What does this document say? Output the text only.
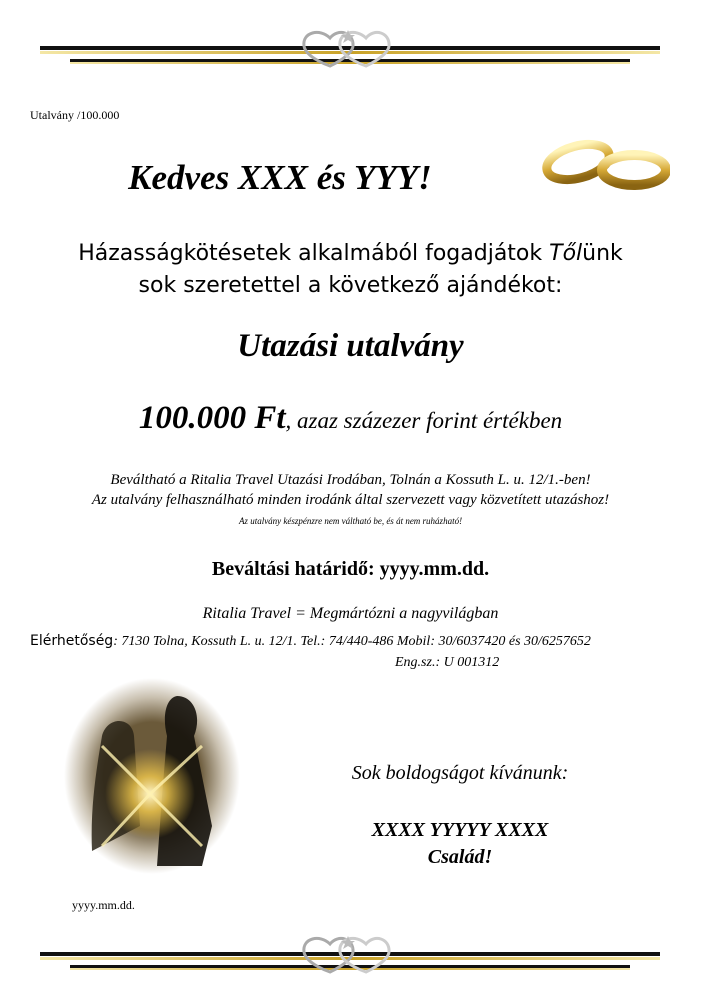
Utalvány /100.000
Kedves XXX és YYY!
Házasságkötésetek alkalmából fogadjátok Tőlünk
sok szeretettel a következő ajándékot:
Utazási utalvány
100.000 Ft, azaz százezer forint értékben
Beváltható a Ritalia Travel Utazási Irodában, Tolnán a Kossuth L. u. 12/1.-ben!
Az utalvány felhasználható minden irodánk által szervezett vagy közvetített utazáshoz!
Az utalvány készpénzre nem váltható be, és át nem ruházható!
Beváltási határidő: yyyy.mm.dd.
Ritalia Travel = Megmártózni a nagyvilágban
Elérhetőség: 7130 Tolna, Kossuth L. u. 12/1. Tel.: 74/440-486 Mobil: 30/6037420 és 30/6257652
Eng.sz.: U 001312
Sok boldogságot kívánunk:
XXXX YYYYY XXXX
Család!
yyyy.mm.dd.
